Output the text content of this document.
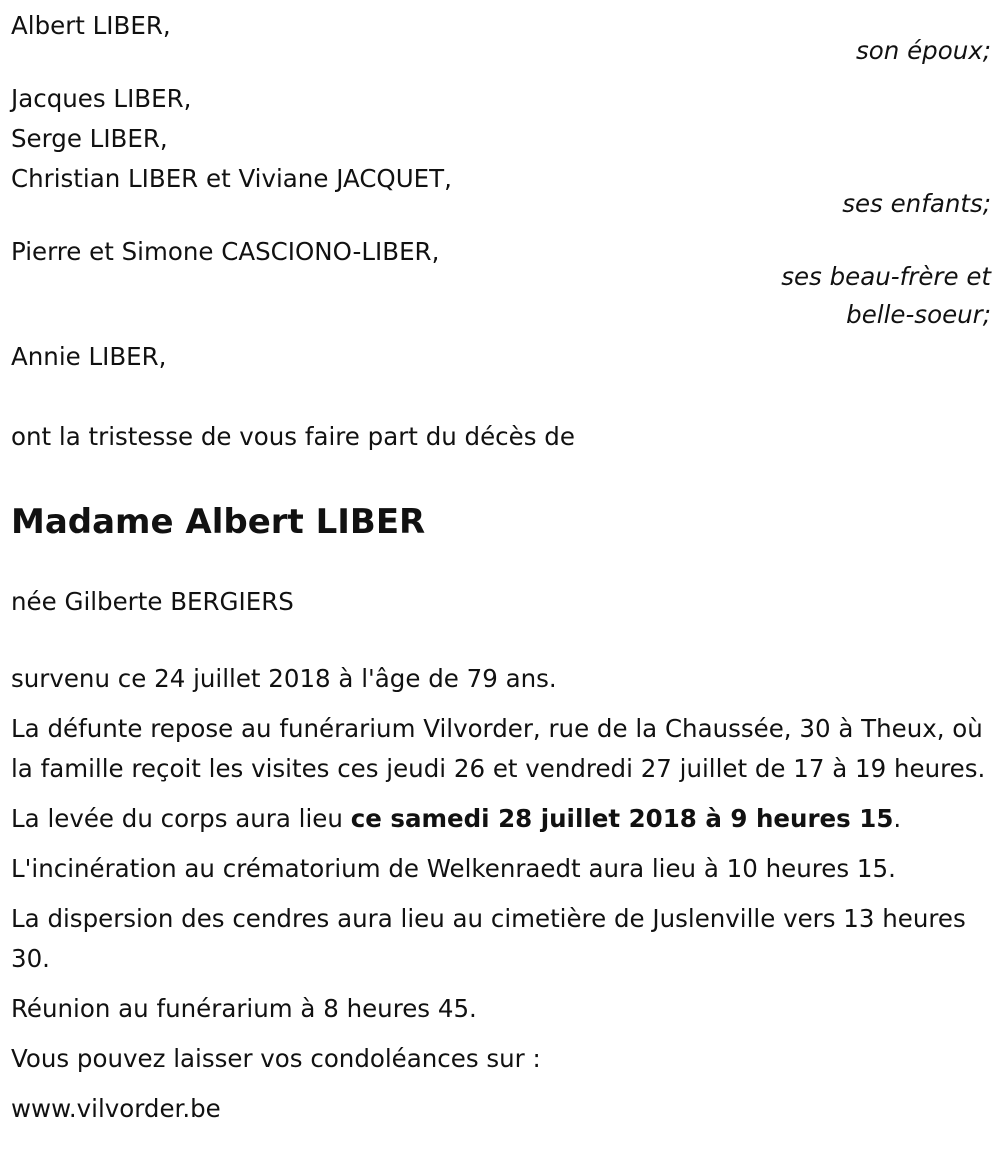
Albert LIBER,
son époux;
Jacques LIBER,
Serge LIBER,
Christian LIBER et Viviane JACQUET,
ses enfants;
Pierre et Simone CASCIONO-LIBER,
ses beau-frère et
belle-soeur;
Annie LIBER,
ont la tristesse de vous faire part du décès de
Madame Albert LIBER
née Gilberte BERGIERS
survenu ce 24 juillet 2018 à l'âge de 79 ans.
La défunte repose au funérarium Vilvorder, rue de la Chaussée, 30 à Theux, où la famille reçoit les visites ces jeudi 26 et vendredi 27 juillet de 17 à 19 heures.
La levée du corps aura lieu ce samedi 28 juillet 2018 à 9 heures 15.
L'incinération au crématorium de Welkenraedt aura lieu à 10 heures 15.
La dispersion des cendres aura lieu au cimetière de Juslenville vers 13 heures 30.
Réunion au funérarium à 8 heures 45.
Vous pouvez laisser vos condoléances sur :
www.vilvorder.be
